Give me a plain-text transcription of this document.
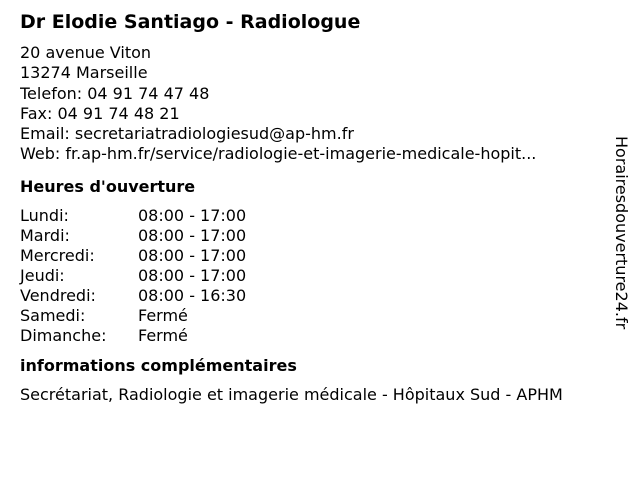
Dr Elodie Santiago - Radiologue
20 avenue Viton
13274 Marseille
Telefon: 04 91 74 47 48
Fax: 04 91 74 48 21
Email: secretariatradiologiesud@ap-hm.fr
Web: fr.ap-hm.fr/service/radiologie-et-imagerie-medicale-hopit...
Heures d'ouverture
Lundi:	08:00 - 17:00
Mardi:	08:00 - 17:00
Mercredi:	08:00 - 17:00
Jeudi:	08:00 - 17:00
Vendredi:	08:00 - 16:30
Samedi:	Fermé
Dimanche:	Fermé
informations complémentaires
Secrétariat, Radiologie et imagerie médicale - Hôpitaux Sud - APHM
Horairesdouverture24.fr
